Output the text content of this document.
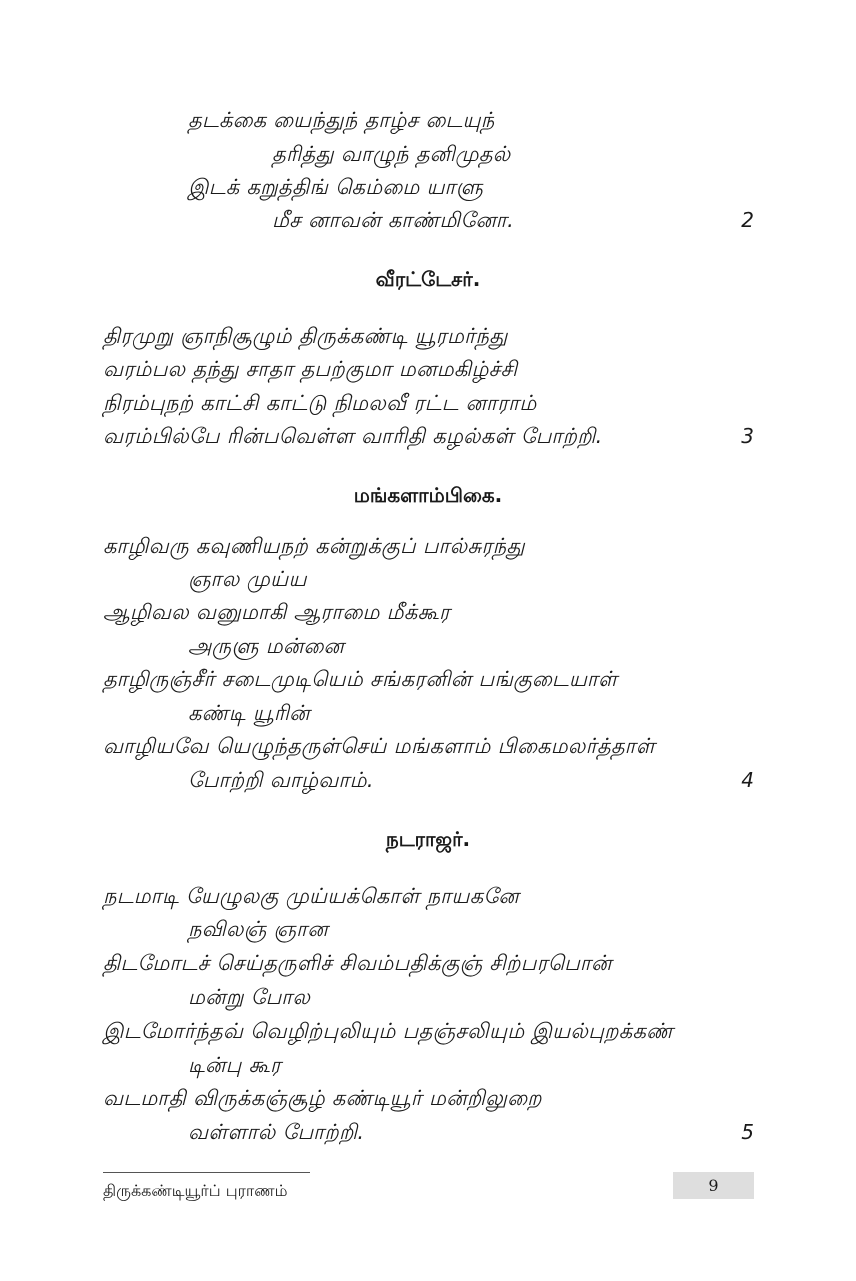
தடக்கை யைந்துந் தாழ்ச டையுந்
தரித்து வாழுந் தனிமுதல்
இடக் கறுத்திங் கெம்மை யாளு
மீச னாவன் காண்மினோ.	2
வீரட்டேசர்.
திரமுறு ஞாநிசூழும் திருக்கண்டி யூரமர்ந்து
வரம்பல தந்து சாதா தபற்குமா மனமகிழ்ச்சி
நிரம்புநற் காட்சி காட்டு நிமலவீ ரட்ட னாராம்
வரம்பில்பே ரின்பவெள்ள வாரிதி கழல்கள் போற்றி.	3
மங்களாம்பிகை.
காழிவரு கவுணியநற் கன்றுக்குப் பால்சுரந்து
ஞால முய்ய
ஆழிவல வனுமாகி ஆராமை மீக்கூர
அருளு மன்னை
தாழிருஞ்சீர் சடைமுடியெம் சங்கரனின் பங்குடையாள்
கண்டி யூரின்
வாழியவே யெழுந்தருள்செய் மங்களாம் பிகைமலர்த்தாள்
போற்றி வாழ்வாம்.	4
நடராஜர்.
நடமாடி யேழுலகு முய்யக்கொள் நாயகனே
நவிலஞ் ஞான
திடமோடச் செய்தருளிச் சிவம்பதிக்குஞ் சிற்பரபொன்
மன்று போல
இடமோர்ந்தவ் வெழிற்புலியும் பதஞ்சலியும் இயல்புறக்கண்
டின்பு கூர
வடமாதி விருக்கஞ்சூழ் கண்டியூர் மன்றிலுறை
வள்ளால் போற்றி.	5
திருக்கண்டியூர்ப் புராணம்	9
